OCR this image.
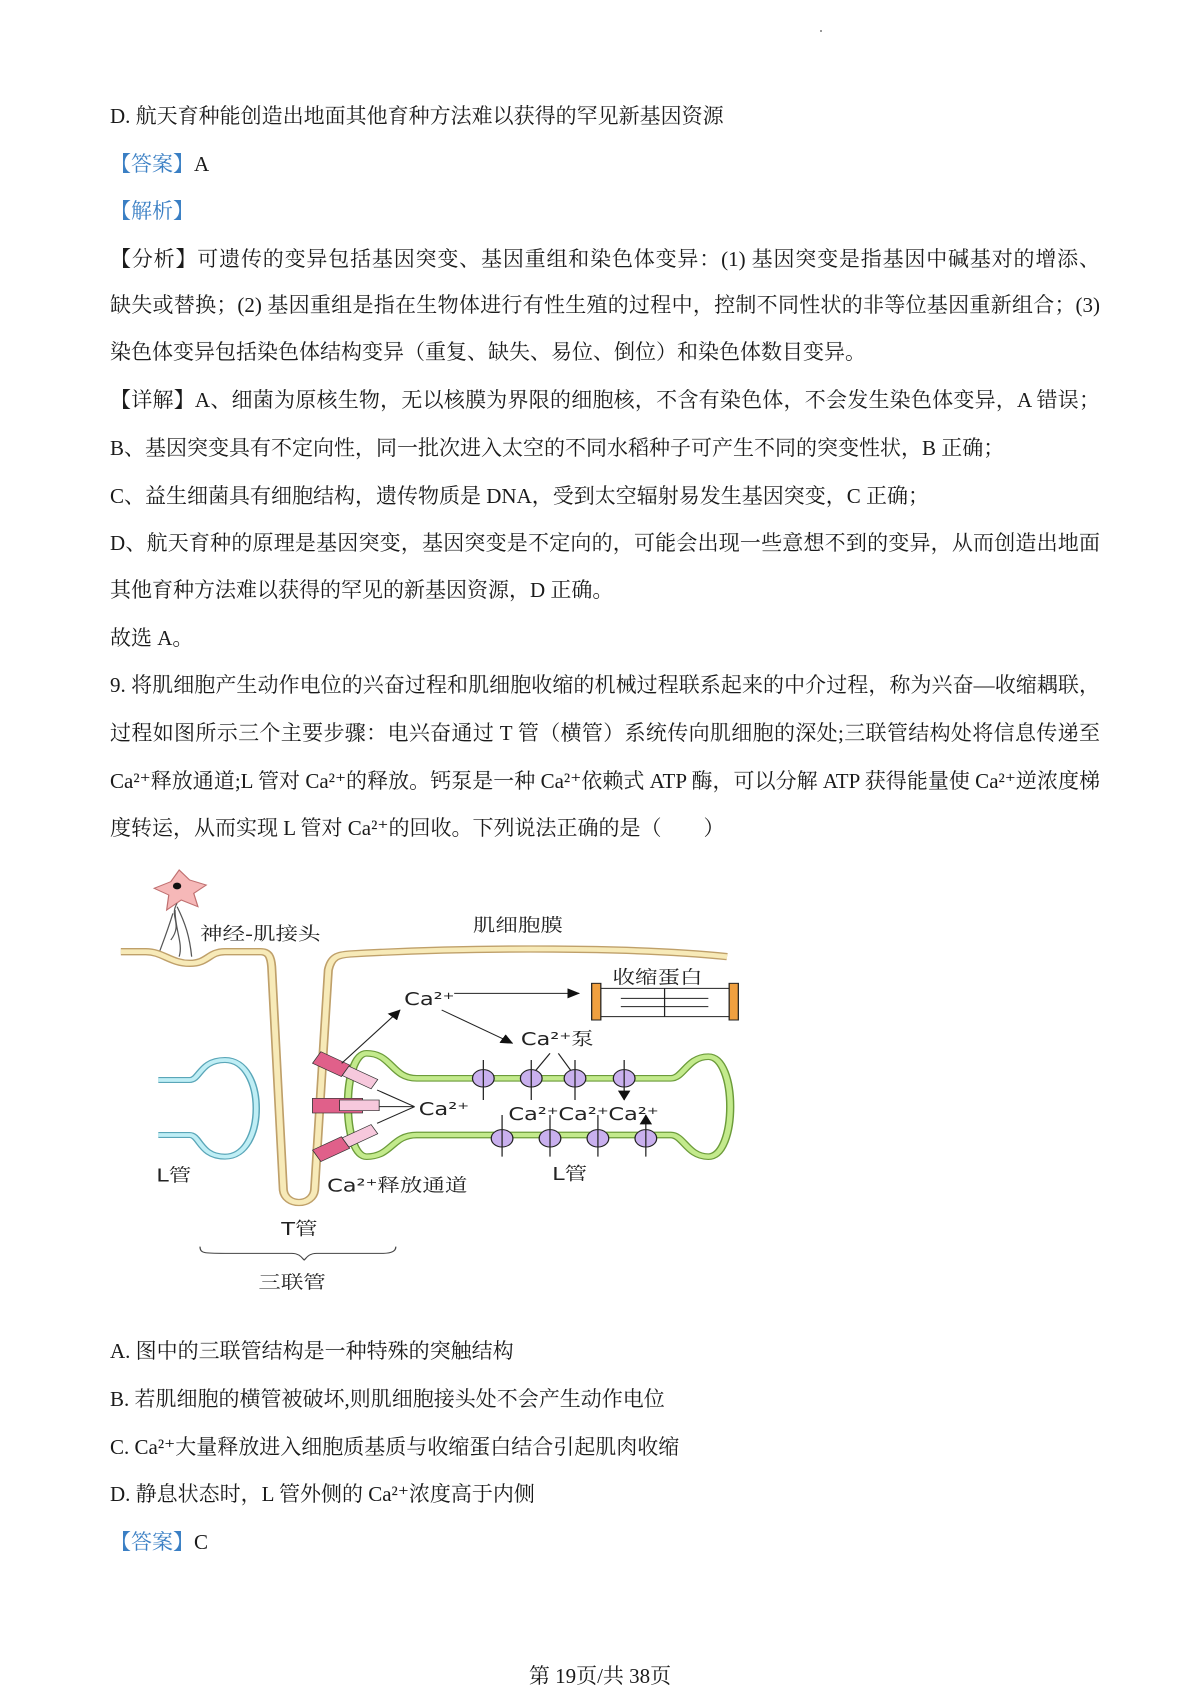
D. 航天育种能创造出地面其他育种方法难以获得的罕见新基因资源
【答案】A
【解析】
【分析】可遗传的变异包括基因突变、基因重组和染色体变异：(1) 基因突变是指基因中碱基对的增添、
缺失或替换；(2) 基因重组是指在生物体进行有性生殖的过程中，控制不同性状的非等位基因重新组合；(3)
染色体变异包括染色体结构变异（重复、缺失、易位、倒位）和染色体数目变异。
【详解】A、细菌为原核生物，无以核膜为界限的细胞核，不含有染色体，不会发生染色体变异，A 错误；
B、基因突变具有不定向性，同一批次进入太空的不同水稻种子可产生不同的突变性状，B 正确；
C、益生细菌具有细胞结构，遗传物质是 DNA，受到太空辐射易发生基因突变，C 正确；
D、航天育种的原理是基因突变，基因突变是不定向的，可能会出现一些意想不到的变异，从而创造出地面
其他育种方法难以获得的罕见的新基因资源，D 正确。
故选 A。
9. 将肌细胞产生动作电位的兴奋过程和肌细胞收缩的机械过程联系起来的中介过程，称为兴奋—收缩耦联，
过程如图所示三个主要步骤：电兴奋通过 T 管（横管）系统传向肌细胞的深处;三联管结构处将信息传递至
Ca²⁺释放通道;L 管对 Ca²⁺的释放。钙泵是一种 Ca²⁺依赖式 ATP 酶，可以分解 ATP 获得能量使 Ca²⁺逆浓度梯
度转运，从而实现 L 管对 Ca²⁺的回收。下列说法正确的是（　　）
神经-肌接头	肌细胞膜
收缩蛋白
Ca²⁺
Ca²⁺泵
Ca²⁺ Ca²⁺ Ca²⁺ Ca²⁺
L管	Ca²⁺释放通道
L管
T管
三联管
A. 图中的三联管结构是一种特殊的突触结构
B. 若肌细胞的横管被破坏,则肌细胞接头处不会产生动作电位
C. Ca²⁺大量释放进入细胞质基质与收缩蛋白结合引起肌肉收缩
D. 静息状态时，L 管外侧的 Ca²⁺浓度高于内侧
【答案】C
第 19页/共 38页
